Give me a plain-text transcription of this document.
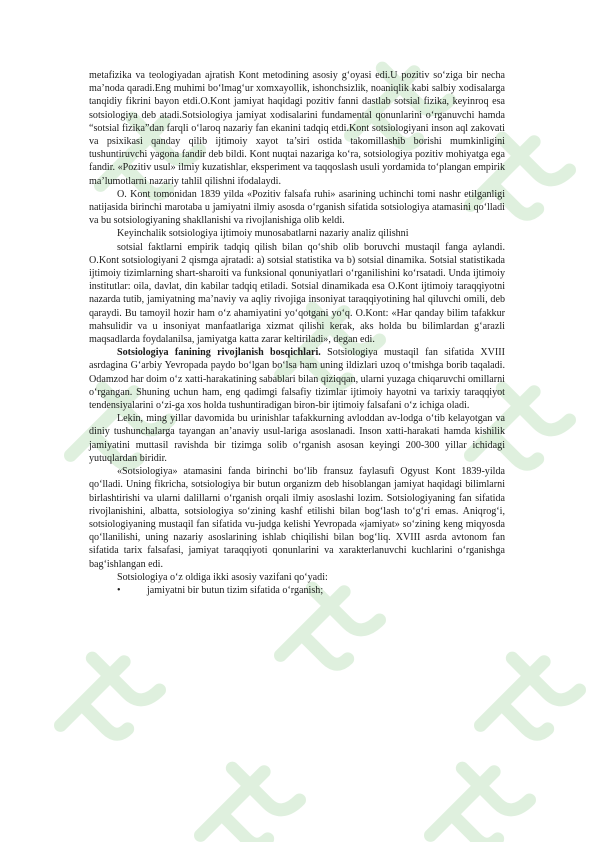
metafizika va teologiyadan ajratish Kont metodining asosiy g‘oyasi edi.U pozitiv so‘ziga bir necha ma’noda qaradi.Eng muhimi bo‘lmag‘ur xomxayollik, ishonchsizlik, noaniqlik kabi salbiy xodisalarga tanqidiy fikrini bayon etdi.O.Kont jamiyat haqidagi pozitiv fanni dastlab sotsial fizika, keyinroq esa sotsiologiya deb atadi.Sotsiologiya jamiyat xodisalarini fundamental qonunlarini o‘rganuvchi hamda “sotsial fizika”dan farqli o‘laroq nazariy fan ekanini tadqiq etdi.Kont sotsiologiyani inson aql zakovati va psixikasi qanday qilib ijtimoiy xayot ta’siri ostida takomillashib borishi mumkinligini tushuntiruvchi yagona fandir deb bildi. Kont nuqtai nazariga ko‘ra, sotsiologiya pozitiv mohiyatga ega fandir. «Pozitiv usul» ilmiy kuzatishlar, eksperiment va taqqoslash usuli yordamida to‘plangan empirik ma’lumotlarni nazariy tahlil qilishni ifodalaydi.

O. Kont tomonidan 1839 yilda «Pozitiv falsafa ruhi» asarining uchinchi tomi nashr etilganligi natijasida birinchi marotaba u jamiyatni ilmiy asosda o‘rganish sifatida sotsiologiya atamasini qo‘lladi va bu sotsiologiyaning shakllanishi va rivojlanishiga olib keldi.

Keyinchalik sotsiologiya ijtimoiy munosabatlarni nazariy analiz qilishni

sotsial faktlarni empirik tadqiq qilish bilan qo‘shib olib boruvchi mustaqil fanga aylandi. O.Kont sotsiologiyani 2 qismga ajratadi: a) sotsial statistika va b) sotsial dinamika. Sotsial statistikada ijtimoiy tizimlarning shart-sharoiti va funksional qonuniyatlari o‘rganilishini ko‘rsatadi. Unda ijtimoiy institutlar: oila, davlat, din kabilar tadqiq etiladi. Sotsial dinamikada esa O.Kont ijtimoiy taraqqiyotni nazarda tutib, jamiyatning ma’naviy va aqliy rivojiga insoniyat taraqqiyotining hal qiluvchi omili, deb qaraydi. Bu tamoyil hozir ham o‘z ahamiyatini yo‘qotgani yo‘q. O.Kont: «Har qanday bilim tafakkur mahsulidir va u insoniyat manfaatlariga xizmat qilishi kerak, aks holda bu bilimlardan g‘arazli maqsadlarda foydalanilsa, jamiyatga katta zarar keltiriladi», degan edi.

Sotsiologiya fanining rivojlanish bosqichlari. Sotsiologiya mustaqil fan sifatida XVIII asrdagina G‘arbiy Yevropada paydo bo‘lgan bo‘lsa ham uning ildizlari uzoq o‘tmishga borib taqaladi. Odamzod har doim o‘z xatti-harakatining sabablari bilan qiziqqan, ularni yuzaga chiqaruvchi omillarni o‘rgangan. Shuning uchun ham, eng qadimgi falsafiy tizimlar ijtimoiy hayotni va tarixiy taraqqiyot tendensiyalarini o‘zi-ga xos holda tushuntiradigan biron-bir ijtimoiy falsafani o‘z ichiga oladi.

Lekin, ming yillar davomida bu urinishlar tafakkurning avloddan av-lodga o‘tib kelayotgan va diniy tushunchalarga tayangan an’anaviy usul-lariga asoslanadi. Inson xatti-harakati hamda kishilik jamiyatini muttasil ravishda bir tizimga solib o‘rganish asosan keyingi 200-300 yillar ichidagi yutuqlardan biridir.

«Sotsiologiya» atamasini fanda birinchi bo‘lib fransuz faylasufi Ogyust Kont 1839-yilda qo‘lladi. Uning fikricha, sotsiologiya bir butun organizm deb hisoblangan jamiyat haqidagi bilimlarni birlashtirishi va ularni dalillarni o‘rganish orqali ilmiy asoslashi lozim. Sotsiologiyaning fan sifatida rivojlanishini, albatta, sotsiologiya so‘zining kashf etilishi bilan bog‘lash to‘g‘ri emas. Aniqrog‘i, sotsiologiyaning mustaqil fan sifatida vu-judga kelishi Yevropada «jamiyat» so‘zining keng miqyosda qo‘llanilishi, uning nazariy asoslarining ishlab chiqilishi bilan bog‘liq. XVIII asrda avtonom fan sifatida tarix falsafasi, jamiyat taraqqiyoti qonunlarini va xarakterlanuvchi kuchlarini o‘rganishga bag‘ishlangan edi.

Sotsiologiya o‘z oldiga ikki asosiy vazifani qo‘yadi:

•	jamiyatni bir butun tizim sifatida o‘rganish;
